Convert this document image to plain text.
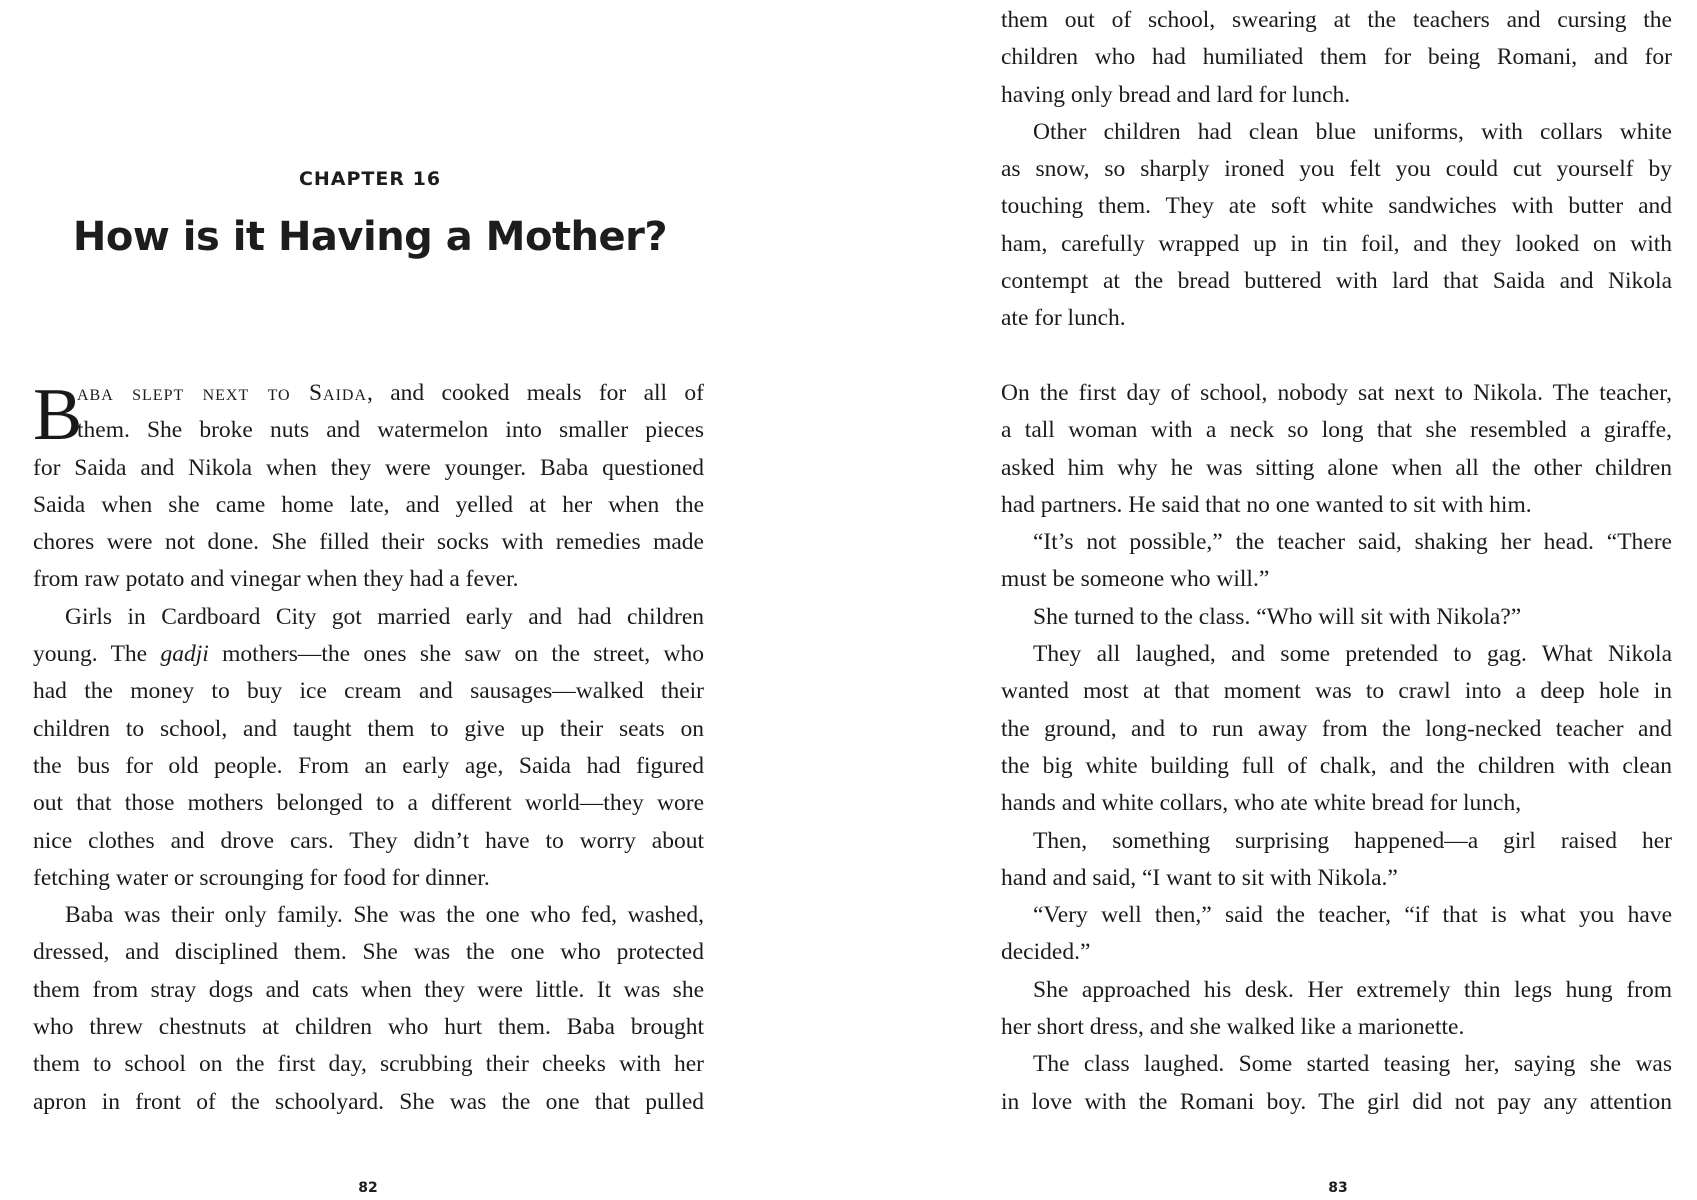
CHAPTER 16
How is it Having a Mother?
B
aba slept next to Saida, and cooked meals for all of
them. She broke nuts and watermelon into smaller pieces
for Saida and Nikola when they were younger. Baba questioned
Saida when she came home late, and yelled at her when the
chores were not done. She filled their socks with remedies made
from raw potato and vinegar when they had a fever.
Girls in Cardboard City got married early and had children
young. The gadji mothers—the ones she saw on the street, who
had the money to buy ice cream and sausages—walked their
children to school, and taught them to give up their seats on
the bus for old people. From an early age, Saida had figured
out that those mothers belonged to a different world—they wore
nice clothes and drove cars. They didn’t have to worry about
fetching water or scrounging for food for dinner.
Baba was their only family. She was the one who fed, washed,
dressed, and disciplined them. She was the one who protected
them from stray dogs and cats when they were little. It was she
who threw chestnuts at children who hurt them. Baba brought
them to school on the first day, scrubbing their cheeks with her
apron in front of the schoolyard. She was the one that pulled
82
them out of school, swearing at the teachers and cursing the
children who had humiliated them for being Romani, and for
having only bread and lard for lunch.
Other children had clean blue uniforms, with collars white
as snow, so sharply ironed you felt you could cut yourself by
touching them. They ate soft white sandwiches with butter and
ham, carefully wrapped up in tin foil, and they looked on with
contempt at the bread buttered with lard that Saida and Nikola
ate for lunch.
On the first day of school, nobody sat next to Nikola. The teacher,
a tall woman with a neck so long that she resembled a giraffe,
asked him why he was sitting alone when all the other children
had partners. He said that no one wanted to sit with him.
“It’s not possible,” the teacher said, shaking her head. “There
must be someone who will.”
She turned to the class. “Who will sit with Nikola?”
They all laughed, and some pretended to gag. What Nikola
wanted most at that moment was to crawl into a deep hole in
the ground, and to run away from the long-necked teacher and
the big white building full of chalk, and the children with clean
hands and white collars, who ate white bread for lunch,
Then, something surprising happened—a girl raised her
hand and said, “I want to sit with Nikola.”
“Very well then,” said the teacher, “if that is what you have
decided.”
She approached his desk. Her extremely thin legs hung from
her short dress, and she walked like a marionette.
The class laughed. Some started teasing her, saying she was
in love with the Romani boy. The girl did not pay any attention
83
